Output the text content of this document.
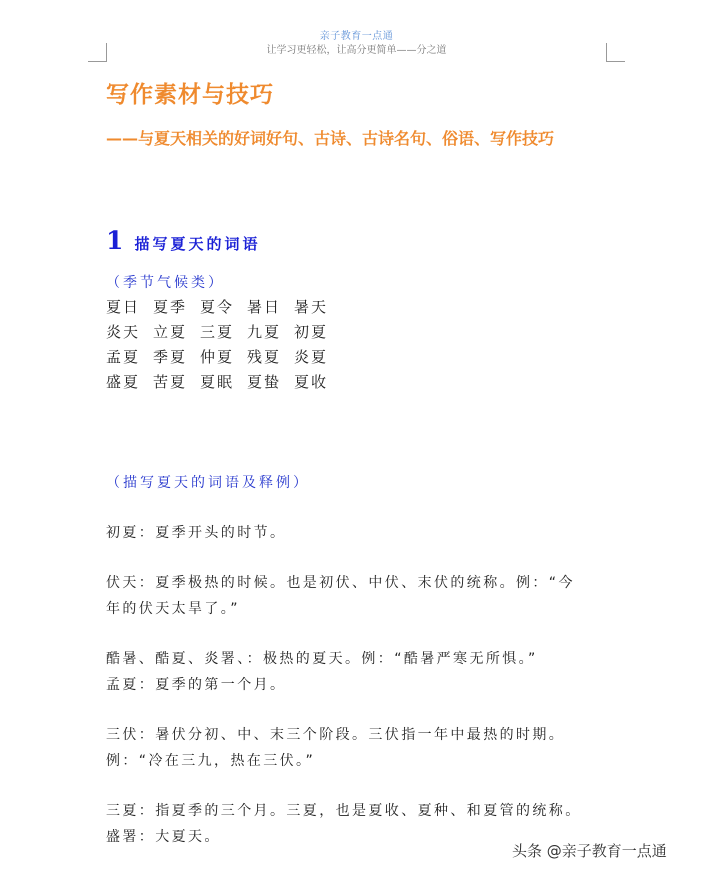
亲子教育一点通
让学习更轻松，让高分更简单——分之道
写作素材与技巧
——与夏天相关的好词好句、古诗、古诗名句、俗语、写作技巧
1 描写夏天的词语
（季节气候类）
夏日 夏季 夏令 暑日 暑天
炎天 立夏 三夏 九夏 初夏
孟夏 季夏 仲夏 残夏 炎夏
盛夏 苦夏 夏眠 夏蛰 夏收
（描写夏天的词语及释例）

初夏：夏季开头的时节。

伏天：夏季极热的时候。也是初伏、中伏、末伏的统称。例：“今

年的伏天太旱了。”

酷暑、酷夏、炎署、：极热的夏天。例：“酷暑严寒无所惧。”

孟夏：夏季的第一个月。

三伏：暑伏分初、中、末三个阶段。三伏指一年中最热的时期。

例：“冷在三九，热在三伏。”

三夏：指夏季的三个月。三夏，也是夏收、夏种、和夏管的统称。

盛署：大夏天。

头条 @亲子教育一点通
